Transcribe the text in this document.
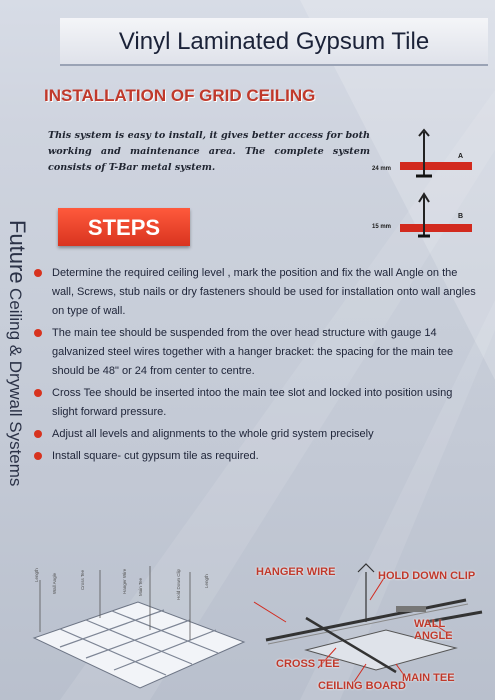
Vinyl Laminated Gypsum Tile
INSTALLATION OF GRID CEILING
This system is easy to install, it gives better access for both working and maintenance area. The complete system consists of T-Bar metal system.	24 mm
A
15 mm
B
STEPS
Future Ceiling & Drywall Systems
Determine the required ceiling level , mark the position and fix the wall Angle on the wall, Screws, stub nails or dry fasteners should be used for installation onto wall angles on type of wall.
The main tee should be suspended from the over head structure with gauge 14 galvanized steel wires together with a hanger bracket: the spacing for the main tee should be 48" or 24 from center to centre.
Cross Tee should be inserted intoo the main tee slot and locked into position using slight forward pressure.
Adjust all levels and alignments to the whole grid system precisely
Install square- cut gypsum tile as required.
Length	Wall Angle	Cross Tee	Hanger Wire Main Tee	Hold Down Clip	Length
HANGER WIRE	HOLD DOWN CLIP
WALL ANGLE
CROSS TEE
CEILING BOARD
MAIN TEE
